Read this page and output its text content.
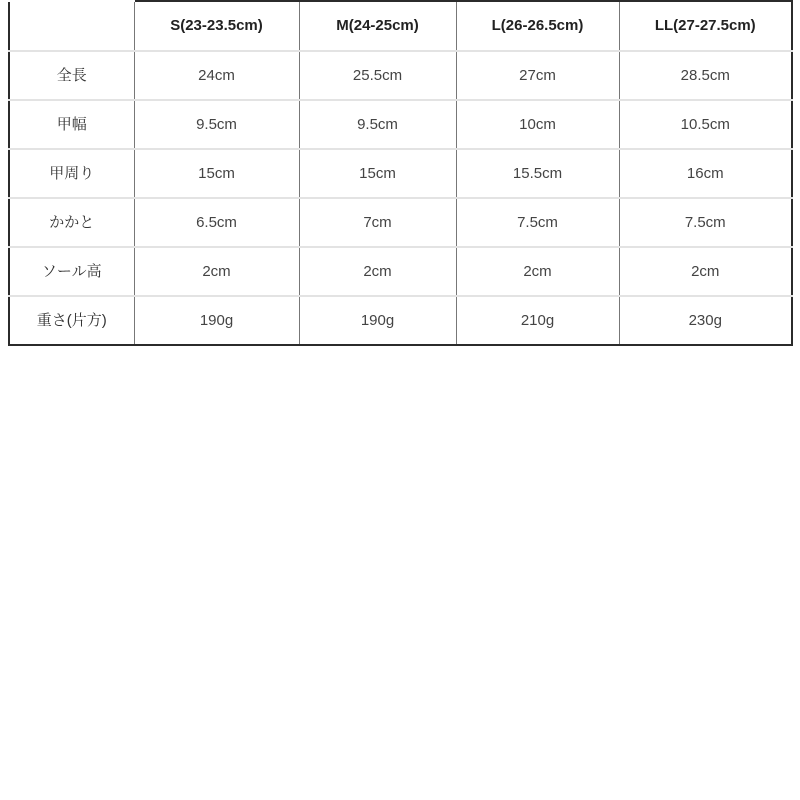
	S(23-23.5cm)	M(24-25cm)	L(26-26.5cm)	LL(27-27.5cm)
全長	24cm	25.5cm	27cm	28.5cm
甲幅	9.5cm	9.5cm	10cm	10.5cm
甲周り	15cm	15cm	15.5cm	16cm
かかと	6.5cm	7cm	7.5cm	7.5cm
ソール高	2cm	2cm	2cm	2cm
重さ(片方)	190g	190g	210g	230g
